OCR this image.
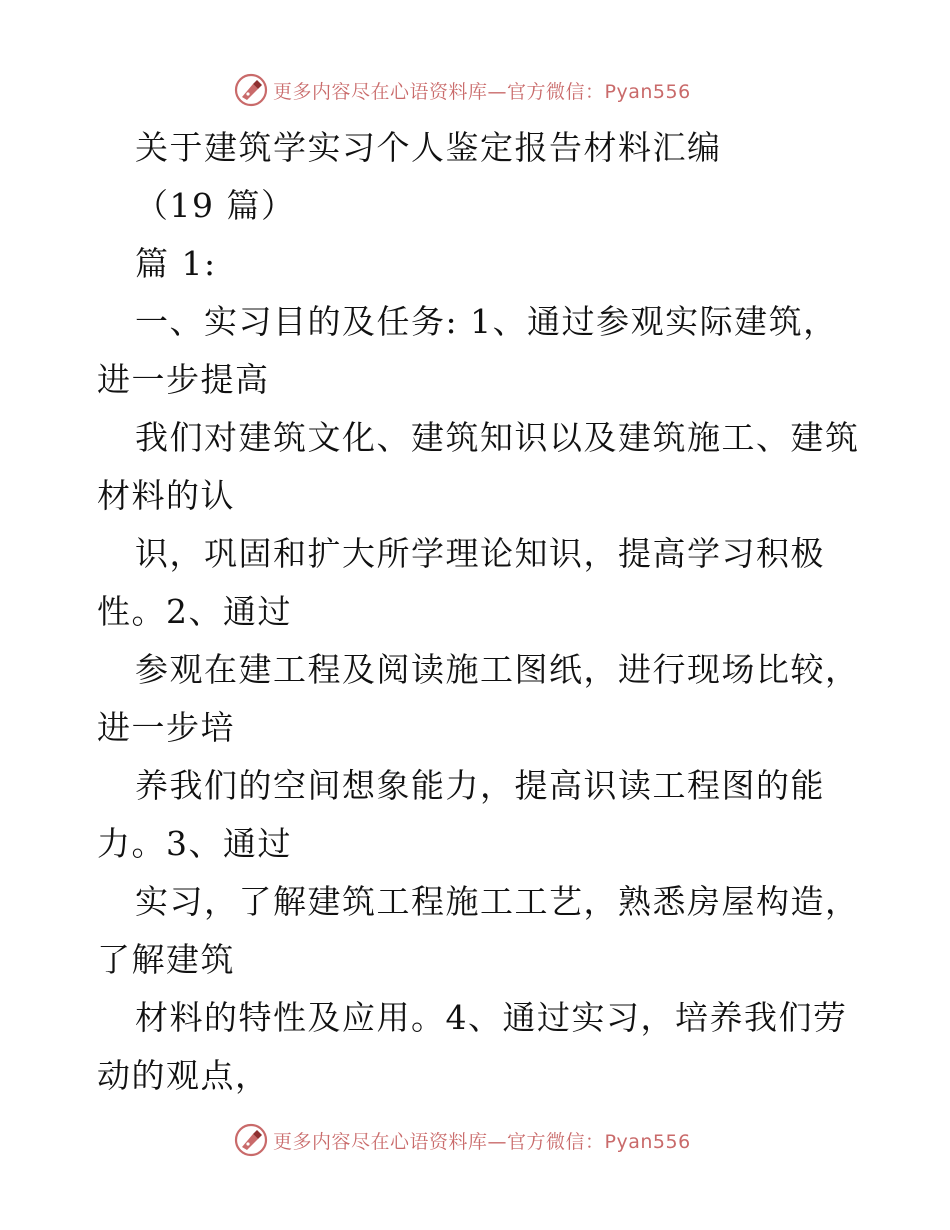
更多内容尽在心语资料库—官方微信：Pyan556
关于建筑学实习个人鉴定报告材料汇编
（19 篇）
篇 1:
一、实习目的及任务: 1、通过参观实际建筑，
进一步提高
我们对建筑文化、建筑知识以及建筑施工、建筑
材料的认
识，巩固和扩大所学理论知识，提高学习积极
性。2、通过
参观在建工程及阅读施工图纸，进行现场比较，
进一步培
养我们的空间想象能力，提高识读工程图的能
力。3、通过
实习，了解建筑工程施工工艺，熟悉房屋构造，
了解建筑
材料的特性及应用。4、通过实习，培养我们劳
动的观点，
更多内容尽在心语资料库—官方微信：Pyan556
